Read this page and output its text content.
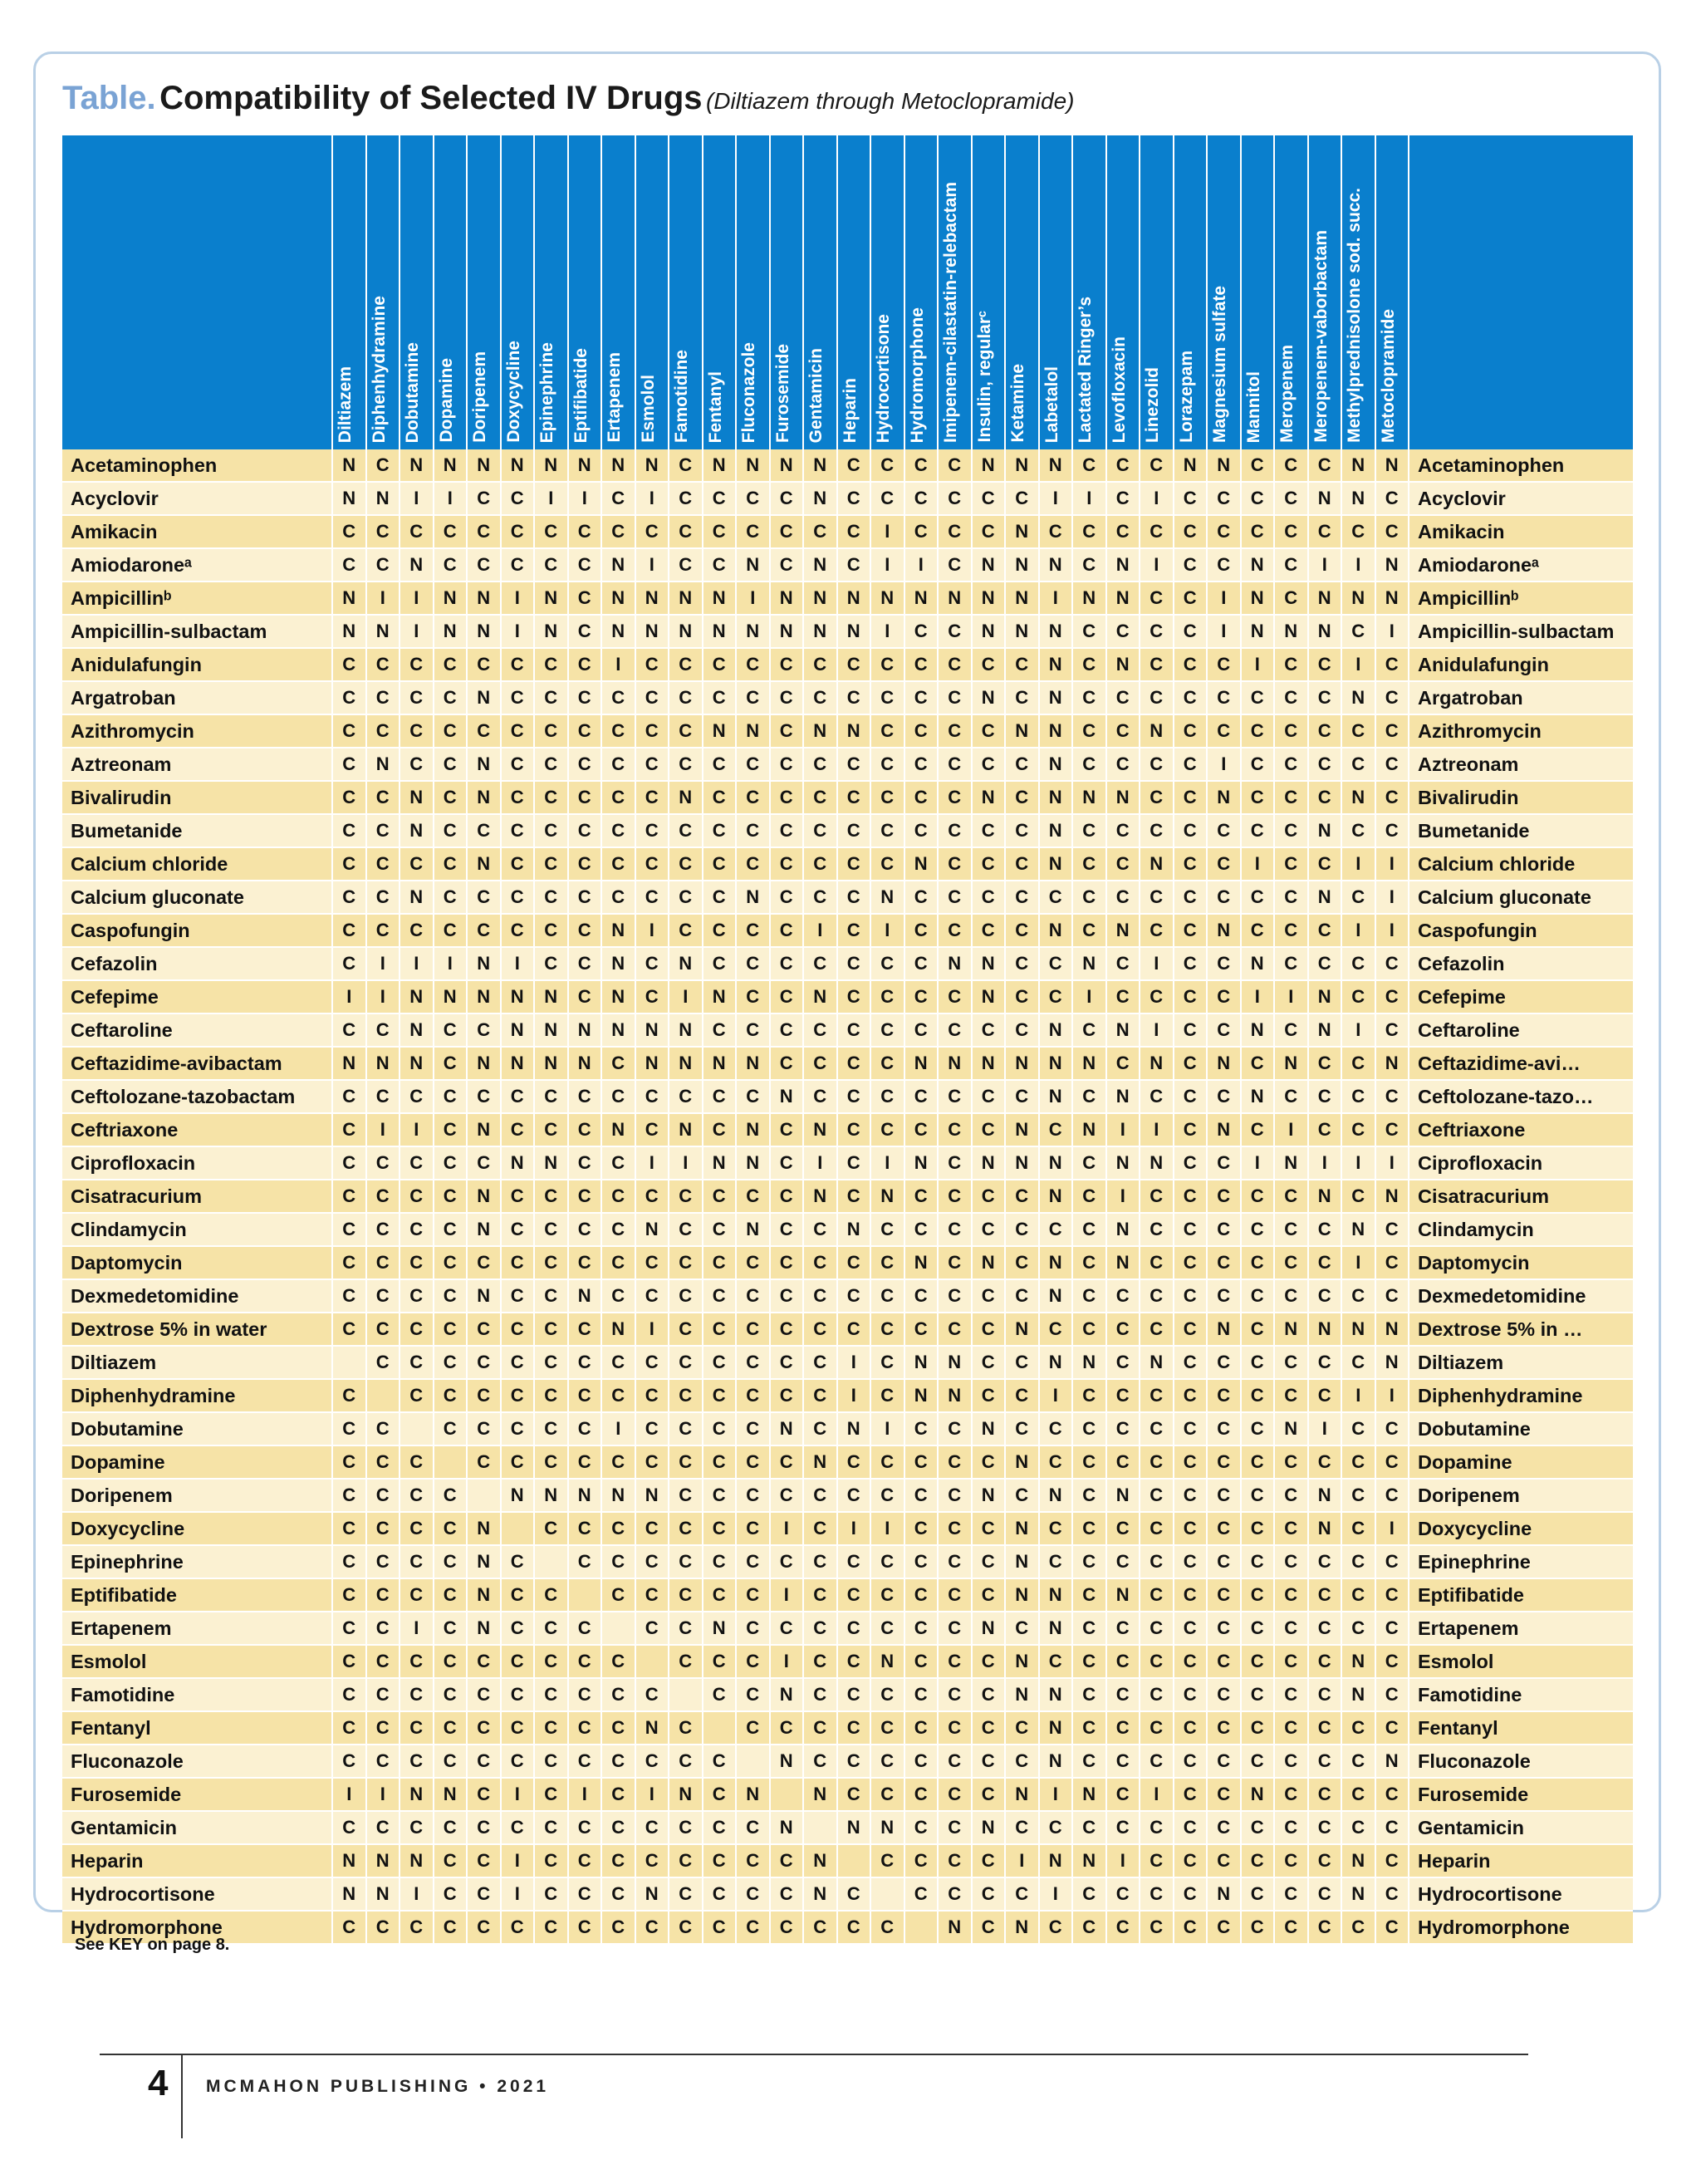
Table. Compatibility of Selected IV Drugs (Diltiazem through Metoclopramide)

	Diltiazem	Diphenhydramine	Dobutamine	Dopamine	Doripenem	Doxycycline	Epinephrine	Eptifibatide	Ertapenem	Esmolol	Famotidine	Fentanyl	Fluconazole	Furosemide	Gentamicin	Heparin	Hydrocortisone	Hydromorphone	Imipenem-cilastatin-relebactam	Insulin, regularᶜ	Ketamine	Labetalol	Lactated Ringer’s	Levofloxacin	Linezolid	Lorazepam	Magnesium sulfate	Mannitol	Meropenem	Meropenem-vaborbactam	Methylprednisolone sod. succ.	Metoclopramide	

Acetaminophen	N	C	N	N	N	N	N	N	N	N	C	N	N	N	N	C	C	C	C	N	N	N	C	C	C	N	N	C	C	C	N	N	Acetaminophen
Acyclovir	N	N	I	I	C	C	I	I	C	I	C	C	C	C	N	C	C	C	C	C	C	I	I	C	I	C	C	C	C	N	N	C	Acyclovir
Amikacin	C	C	C	C	C	C	C	C	C	C	C	C	C	C	C	C	I	C	C	C	N	C	C	C	C	C	C	C	C	C	C	C	Amikacin
Amiodaroneᵃ	C	C	N	C	C	C	C	C	N	I	C	C	N	C	N	C	I	I	C	N	N	N	C	N	I	C	C	N	C	I	I	N	Amiodaroneᵃ
Ampicillinᵇ	N	I	I	N	N	I	N	C	N	N	N	N	I	N	N	N	N	N	N	N	N	I	N	N	C	C	I	N	C	N	N	N	Ampicillinᵇ
Ampicillin-sulbactam	N	N	I	N	N	I	N	C	N	N	N	N	N	N	N	N	I	C	C	N	N	N	C	C	C	C	I	N	N	N	C	I	Ampicillin-sulbactam
Anidulafungin	C	C	C	C	C	C	C	C	I	C	C	C	C	C	C	C	C	C	C	C	C	N	C	N	C	C	C	I	C	C	I	C	Anidulafungin
Argatroban	C	C	C	C	N	C	C	C	C	C	C	C	C	C	C	C	C	C	C	N	C	N	C	C	C	C	C	C	C	C	N	C	Argatroban
Azithromycin	C	C	C	C	C	C	C	C	C	C	C	N	N	C	N	N	C	C	C	C	N	N	C	C	N	C	C	C	C	C	C	C	Azithromycin
Aztreonam	C	N	C	C	N	C	C	C	C	C	C	C	C	C	C	C	C	C	C	C	C	N	C	C	C	C	I	C	C	C	C	C	Aztreonam
Bivalirudin	C	C	N	C	N	C	C	C	C	C	N	C	C	C	C	C	C	C	C	N	C	N	N	N	C	C	N	C	C	C	N	C	Bivalirudin
Bumetanide	C	C	N	C	C	C	C	C	C	C	C	C	C	C	C	C	C	C	C	C	C	N	C	C	C	C	C	C	C	N	C	C	Bumetanide
Calcium chloride	C	C	C	C	N	C	C	C	C	C	C	C	C	C	C	C	C	N	C	C	C	N	C	C	N	C	C	I	C	C	I	I	Calcium chloride
Calcium gluconate	C	C	N	C	C	C	C	C	C	C	C	C	N	C	C	C	N	C	C	C	C	C	C	C	C	C	C	C	C	N	C	I	Calcium gluconate
Caspofungin	C	C	C	C	C	C	C	C	N	I	C	C	C	C	I	C	I	C	C	C	C	N	C	N	C	C	N	C	C	C	I	I	Caspofungin
Cefazolin	C	I	I	I	N	I	C	C	N	C	N	C	C	C	C	C	C	C	N	N	C	C	N	C	I	C	C	N	C	C	C	C	Cefazolin
Cefepime	I	I	N	N	N	N	N	C	N	C	I	N	C	C	N	C	C	C	C	N	C	C	I	C	C	C	C	I	I	N	C	C	Cefepime
Ceftaroline	C	C	N	C	C	N	N	N	N	N	N	C	C	C	C	C	C	C	C	C	C	N	C	N	I	C	C	N	C	N	I	C	Ceftaroline
Ceftazidime-avibactam	N	N	N	C	N	N	N	N	C	N	N	N	N	C	C	C	C	N	N	N	N	N	N	C	N	C	N	C	N	C	C	N	Ceftazidime-avi…
Ceftolozane-tazobactam	C	C	C	C	C	C	C	C	C	C	C	C	C	N	C	C	C	C	C	C	C	N	C	N	C	C	C	N	C	C	C	C	Ceftolozane-tazo…
Ceftriaxone	C	I	I	C	N	C	C	C	N	C	N	C	N	C	N	C	C	C	C	C	N	C	N	I	I	C	N	C	I	C	C	C	Ceftriaxone
Ciprofloxacin	C	C	C	C	C	N	N	C	C	I	I	N	N	C	I	C	I	N	C	N	N	N	C	N	N	C	C	I	N	I	I	I	Ciprofloxacin
Cisatracurium	C	C	C	C	N	C	C	C	C	C	C	C	C	C	N	C	N	C	C	C	C	N	C	I	C	C	C	C	C	N	C	N	Cisatracurium
Clindamycin	C	C	C	C	N	C	C	C	C	N	C	C	N	C	C	N	C	C	C	C	C	C	C	N	C	C	C	C	C	C	N	C	Clindamycin
Daptomycin	C	C	C	C	C	C	C	C	C	C	C	C	C	C	C	C	C	N	C	N	C	N	C	N	C	C	C	C	C	C	I	C	Daptomycin
Dexmedetomidine	C	C	C	C	N	C	C	N	C	C	C	C	C	C	C	C	C	C	C	C	C	N	C	C	C	C	C	C	C	C	C	C	Dexmedetomidine
Dextrose 5% in water	C	C	C	C	C	C	C	C	N	I	C	C	C	C	C	C	C	C	C	C	N	C	C	C	C	C	N	C	N	N	N	N	Dextrose 5% in …
Diltiazem		C	C	C	C	C	C	C	C	C	C	C	C	C	C	I	C	N	N	C	C	N	N	C	N	C	C	C	C	C	C	N	Diltiazem
Diphenhydramine	C		C	C	C	C	C	C	C	C	C	C	C	C	C	I	C	N	N	C	C	I	C	C	C	C	C	C	C	C	I	I	Diphenhydramine
Dobutamine	C	C		C	C	C	C	C	I	C	C	C	C	N	C	N	I	C	C	N	C	C	C	C	C	C	C	C	N	I	C	C	Dobutamine
Dopamine	C	C	C		C	C	C	C	C	C	C	C	C	C	N	C	C	C	C	C	N	C	C	C	C	C	C	C	C	C	C	C	Dopamine
Doripenem	C	C	C	C		N	N	N	N	N	C	C	C	C	C	C	C	C	C	N	C	N	C	N	C	C	C	C	C	N	C	C	Doripenem
Doxycycline	C	C	C	C	N		C	C	C	C	C	C	C	I	C	I	I	C	C	C	N	C	C	C	C	C	C	C	C	N	C	I	Doxycycline
Epinephrine	C	C	C	C	N	C		C	C	C	C	C	C	C	C	C	C	C	C	C	N	C	C	C	C	C	C	C	C	C	C	C	Epinephrine
Eptifibatide	C	C	C	C	N	C	C		C	C	C	C	C	I	C	C	C	C	C	C	N	N	C	N	C	C	C	C	C	C	C	C	Eptifibatide
Ertapenem	C	C	I	C	N	C	C	C		C	C	N	C	C	C	C	C	C	C	N	C	N	C	C	C	C	C	C	C	C	C	C	Ertapenem
Esmolol	C	C	C	C	C	C	C	C	C		C	C	C	I	C	C	N	C	C	C	N	C	C	C	C	C	C	C	C	C	N	C	Esmolol
Famotidine	C	C	C	C	C	C	C	C	C	C		C	C	N	C	C	C	C	C	C	N	N	C	C	C	C	C	C	C	C	N	C	Famotidine
Fentanyl	C	C	C	C	C	C	C	C	C	N	C		C	C	C	C	C	C	C	C	C	N	C	C	C	C	C	C	C	C	C	C	Fentanyl
Fluconazole	C	C	C	C	C	C	C	C	C	C	C	C		N	C	C	C	C	C	C	C	N	C	C	C	C	C	C	C	C	C	N	Fluconazole
Furosemide	I	I	N	N	C	I	C	I	C	I	N	C	N		N	C	C	C	C	C	N	I	N	C	I	C	C	N	C	C	C	C	Furosemide
Gentamicin	C	C	C	C	C	C	C	C	C	C	C	C	C	N		N	N	C	C	N	C	C	C	C	C	C	C	C	C	C	C	C	Gentamicin
Heparin	N	N	N	C	C	I	C	C	C	C	C	C	C	C	N		C	C	C	C	I	N	N	I	C	C	C	C	C	C	N	C	Heparin
Hydrocortisone	N	N	I	C	C	I	C	C	C	N	C	C	C	C	N	C		C	C	C	C	I	C	C	C	C	N	C	C	C	N	C	Hydrocortisone
Hydromorphone	C	C	C	C	C	C	C	C	C	C	C	C	C	C	C	C	C		N	C	N	C	C	C	C	C	C	C	C	C	C	C	Hydromorphone
See KEY on page 8.
4 MCMAHON PUBLISHING • 2021
